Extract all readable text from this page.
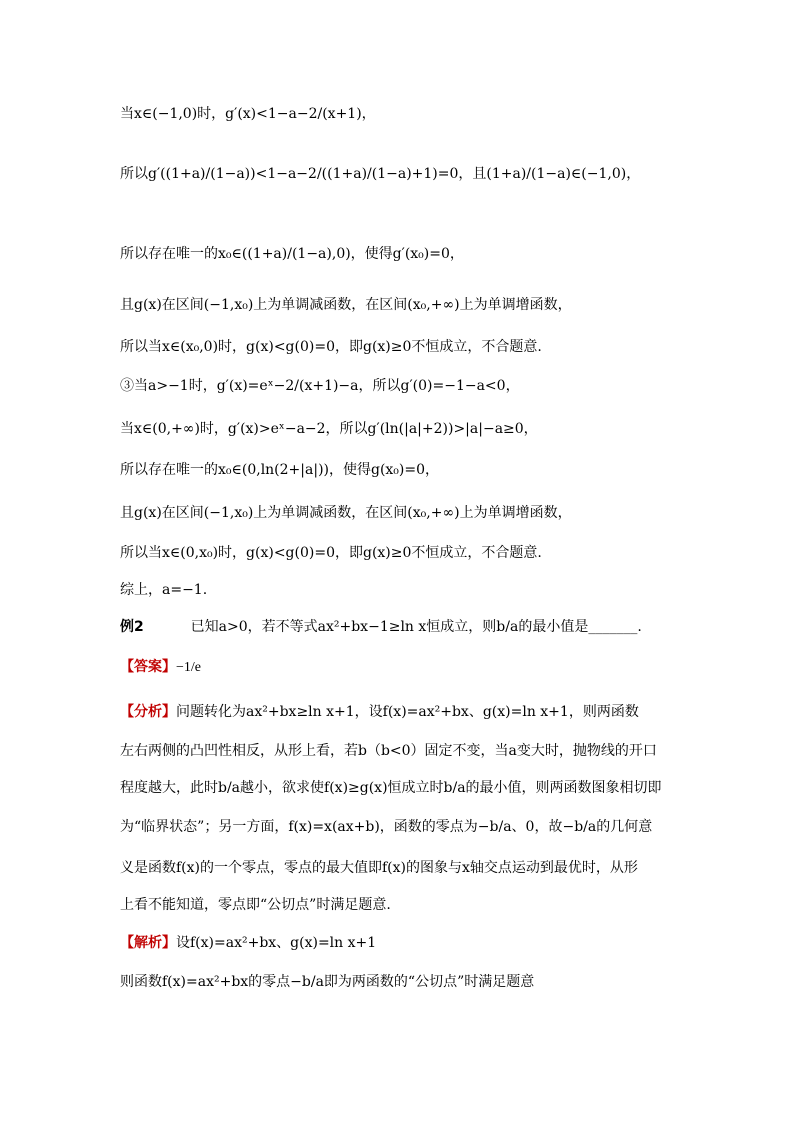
当x∈(−1,0)时，g′(x)<1−a−2/(x+1)，
所以g′((1+a)/(1−a))<1−a−2/((1+a)/(1−a)+1)=0，且(1+a)/(1−a)∈(−1,0)，
所以存在唯一的x₀∈((1+a)/(1−a),0)，使得g′(x₀)=0，
且g(x)在区间(−1,x₀)上为单调减函数，在区间(x₀,+∞)上为单调增函数，
所以当x∈(x₀,0)时，g(x)<g(0)=0，即g(x)≥0不恒成立，不合题意.
③当a>−1时，g′(x)=eˣ−2/(x+1)−a，所以g′(0)=−1−a<0，
当x∈(0,+∞)时，g′(x)>eˣ−a−2，所以g′(ln(|a|+2))>|a|−a≥0，
所以存在唯一的x₀∈(0,ln(2+|a|))，使得g(x₀)=0，
且g(x)在区间(−1,x₀)上为单调减函数，在区间(x₀,+∞)上为单调增函数，
所以当x∈(0,x₀)时，g(x)<g(0)=0，即g(x)≥0不恒成立，不合题意.
综上，a=−1.
例2	已知a>0，若不等式ax²+bx−1≥ln x恒成立，则b/a的最小值是_______.
【答案】−1/e
【分析】问题转化为ax²+bx≥ln x+1，设f(x)=ax²+bx、g(x)=ln x+1，则两函数
左右两侧的凸凹性相反，从形上看，若b（b<0）固定不变，当a变大时，抛物线的开口
程度越大，此时b/a越小，欲求使f(x)≥g(x)恒成立时b/a的最小值，则两函数图象相切即
为“临界状态”；另一方面，f(x)=x(ax+b)，函数的零点为−b/a、0，故−b/a的几何意
义是函数f(x)的一个零点，零点的最大值即f(x)的图象与x轴交点运动到最优时，从形
上看不能知道，零点即“公切点”时满足题意.
【解析】设f(x)=ax²+bx、g(x)=ln x+1
则函数f(x)=ax²+bx的零点−b/a即为两函数的“公切点”时满足题意
